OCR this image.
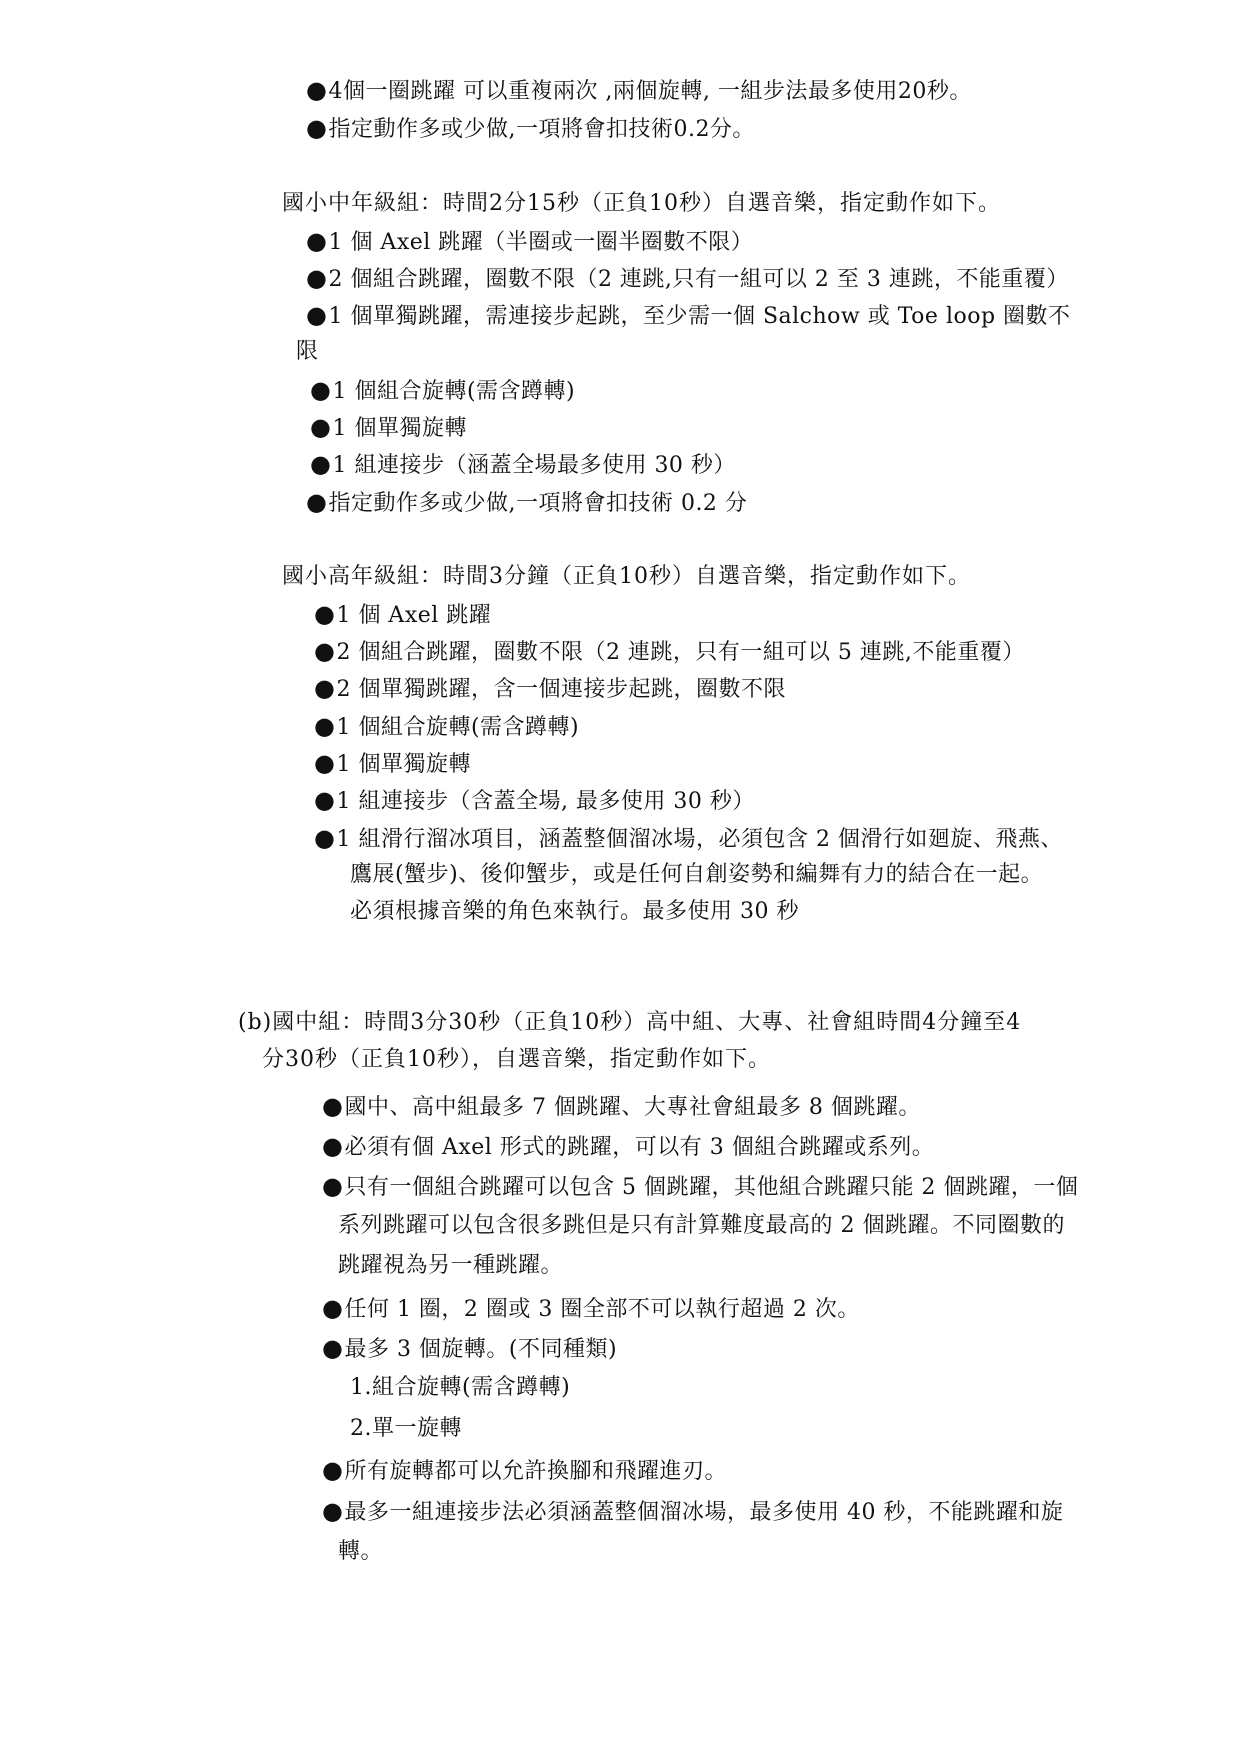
●4個一圈跳躍 可以重複兩次 ,兩個旋轉, 一組步法最多使用20秒。
●指定動作多或少做,一項將會扣技術0.2分。
國小中年級組：時間2分15秒（正負10秒）自選音樂，指定動作如下。
●1 個 Axel 跳躍（半圈或一圈半圈數不限）
●2 個組合跳躍，圈數不限（2 連跳,只有一組可以 2 至 3 連跳，不能重覆）
●1 個單獨跳躍，需連接步起跳，至少需一個 Salchow 或 Toe loop 圈數不
限
●1 個組合旋轉(需含蹲轉)
●1 個單獨旋轉
●1 組連接步（涵蓋全場最多使用 30 秒）
●指定動作多或少做,一項將會扣技術 0.2 分
國小高年級組：時間3分鐘（正負10秒）自選音樂，指定動作如下。
●1 個 Axel 跳躍
●2 個組合跳躍，圈數不限（2 連跳，只有一組可以 5 連跳,不能重覆）
●2 個單獨跳躍，含一個連接步起跳，圈數不限
●1 個組合旋轉(需含蹲轉)
●1 個單獨旋轉
●1 組連接步（含蓋全場, 最多使用 30 秒）
●1 組滑行溜冰項目，涵蓋整個溜冰場，必須包含 2 個滑行如廻旋、飛燕、
鷹展(蟹步)、後仰蟹步，或是任何自創姿勢和編舞有力的結合在一起。
必須根據音樂的角色來執行。最多使用 30 秒
(b)國中組：時間3分30秒（正負10秒）高中組、大專、社會組時間4分鐘至4
分30秒（正負10秒），自選音樂，指定動作如下。
●國中、高中組最多 7 個跳躍、大專社會組最多 8 個跳躍。
●必須有個 Axel 形式的跳躍，可以有 3 個組合跳躍或系列。
●只有一個組合跳躍可以包含 5 個跳躍，其他組合跳躍只能 2 個跳躍，一個
系列跳躍可以包含很多跳但是只有計算難度最高的 2 個跳躍。不同圈數的
跳躍視為另一種跳躍。
●任何 1 圈，2 圈或 3 圈全部不可以執行超過 2 次。
●最多 3 個旋轉。(不同種類)
1.組合旋轉(需含蹲轉)
2.單一旋轉
●所有旋轉都可以允許換腳和飛躍進刃。
●最多一組連接步法必須涵蓋整個溜冰場，最多使用 40 秒，不能跳躍和旋
轉。
